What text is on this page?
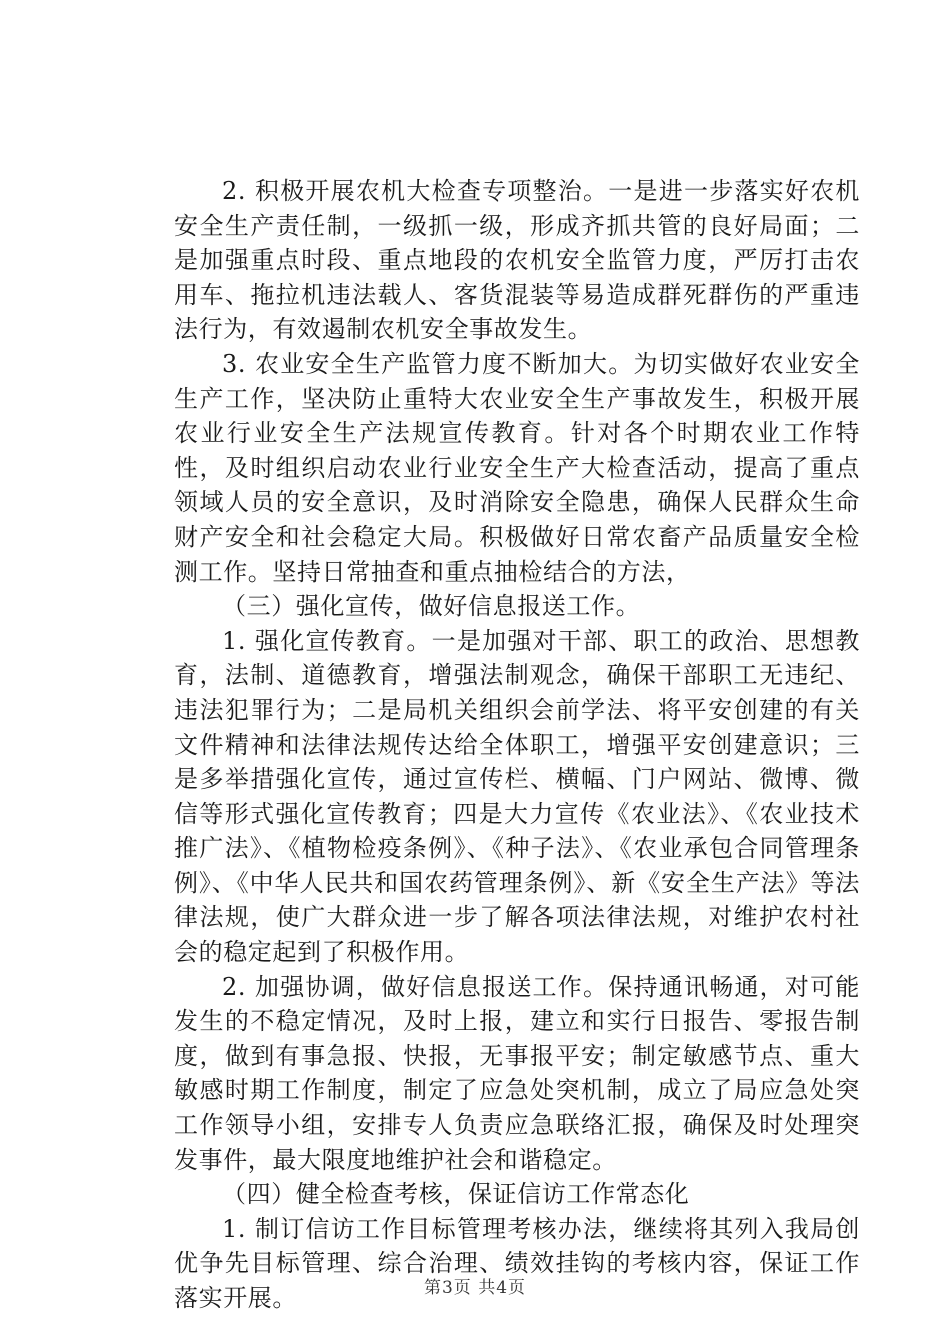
2. 积极开展农机大检查专项整治。一是进一步落实好农机安全生产责任制，一级抓一级，形成齐抓共管的良好局面；二是加强重点时段、重点地段的农机安全监管力度，严厉打击农用车、拖拉机违法载人、客货混装等易造成群死群伤的严重违法行为，有效遏制农机安全事故发生。

3. 农业安全生产监管力度不断加大。为切实做好农业安全生产工作，坚决防止重特大农业安全生产事故发生，积极开展农业行业安全生产法规宣传教育。针对各个时期农业工作特性，及时组织启动农业行业安全生产大检查活动，提高了重点领域人员的安全意识，及时消除安全隐患，确保人民群众生命财产安全和社会稳定大局。积极做好日常农畜产品质量安全检测工作。坚持日常抽查和重点抽检结合的方法，

（三）强化宣传，做好信息报送工作。

1. 强化宣传教育。一是加强对干部、职工的政治、思想教育，法制、道德教育，增强法制观念，确保干部职工无违纪、违法犯罪行为；二是局机关组织会前学法、将平安创建的有关文件精神和法律法规传达给全体职工，增强平安创建意识；三是多举措强化宣传，通过宣传栏、横幅、门户网站、微博、微信等形式强化宣传教育；四是大力宣传《农业法》、《农业技术推广法》、《植物检疫条例》、《种子法》、《农业承包合同管理条例》、《中华人民共和国农药管理条例》、新《安全生产法》等法律法规，使广大群众进一步了解各项法律法规，对维护农村社会的稳定起到了积极作用。

2. 加强协调，做好信息报送工作。保持通讯畅通，对可能发生的不稳定情况，及时上报，建立和实行日报告、零报告制度，做到有事急报、快报，无事报平安；制定敏感节点、重大敏感时期工作制度，制定了应急处突机制，成立了局应急处突工作领导小组，安排专人负责应急联络汇报，确保及时处理突发事件，最大限度地维护社会和谐稳定。

（四）健全检查考核，保证信访工作常态化

1. 制订信访工作目标管理考核办法，继续将其列入我局创优争先目标管理、综合治理、绩效挂钩的考核内容，保证工作落实开展。	第3页 共4页
